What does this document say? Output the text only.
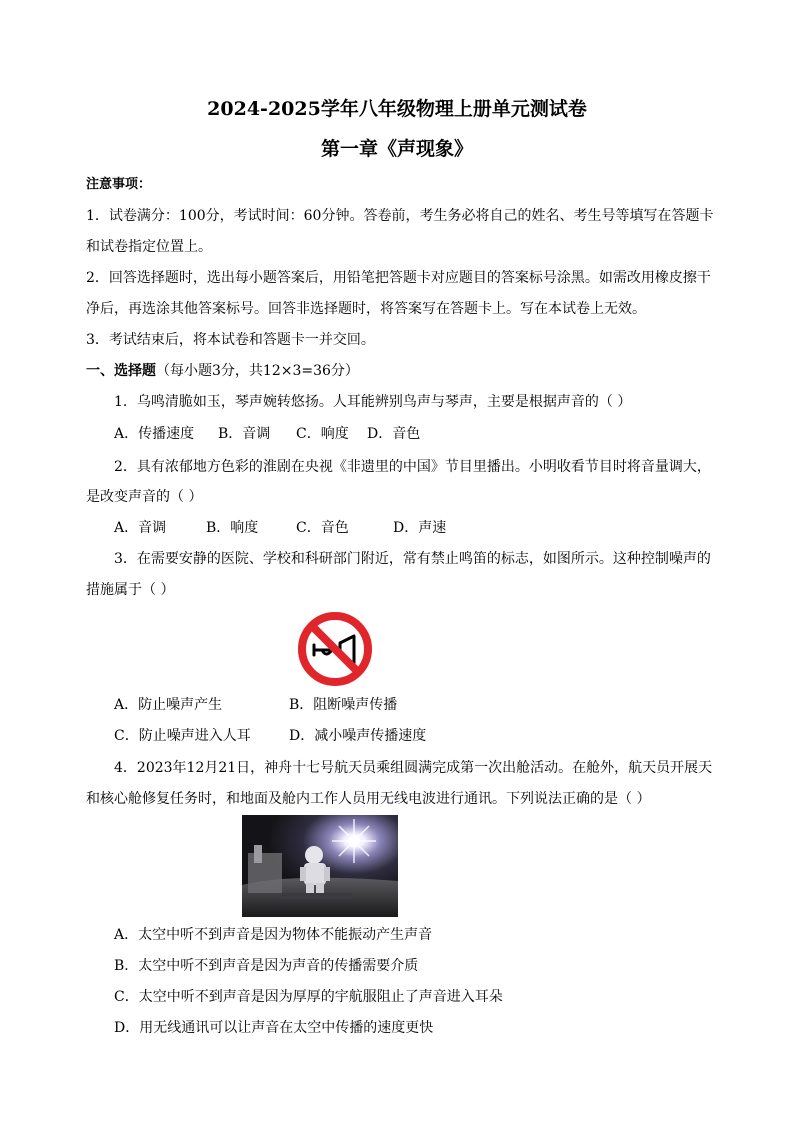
2024-2025学年八年级物理上册单元测试卷
第一章《声现象》
注意事项：
1．试卷满分：100分，考试时间：60分钟。答卷前，考生务必将自己的姓名、考生号等填写在答题卡
和试卷指定位置上。
2．回答选择题时，选出每小题答案后，用铅笔把答题卡对应题目的答案标号涂黑。如需改用橡皮擦干
净后，再选涂其他答案标号。回答非选择题时，将答案写在答题卡上。写在本试卷上无效。
3．考试结束后，将本试卷和答题卡一并交回。
一、选择题（每小题3分，共12×3=36分）
1．乌鸣清脆如玉，琴声婉转悠扬。人耳能辨别鸟声与琴声，主要是根据声音的（ ）
A．传播速度 B．音调 C．响度 D．音色
2．具有浓郁地方色彩的淮剧在央视《非遗里的中国》节目里播出。小明收看节目时将音量调大，
是改变声音的（ ）
A．音调	B．响度	C．音色	D．声速
3．在需要安静的医院、学校和科研部门附近，常有禁止鸣笛的标志，如图所示。这种控制噪声的
措施属于（ ）
A．防止噪声产生	B．阻断噪声传播
C．防止噪声进入人耳	D．减小噪声传播速度
4．2023年12月21日，神舟十七号航天员乘组圆满完成第一次出舱活动。在舱外，航天员开展天
和核心舱修复任务时，和地面及舱内工作人员用无线电波进行通讯。下列说法正确的是（ ）
A．太空中听不到声音是因为物体不能振动产生声音
B．太空中听不到声音是因为声音的传播需要介质
C．太空中听不到声音是因为厚厚的宇航服阻止了声音进入耳朵
D．用无线通讯可以让声音在太空中传播的速度更快
